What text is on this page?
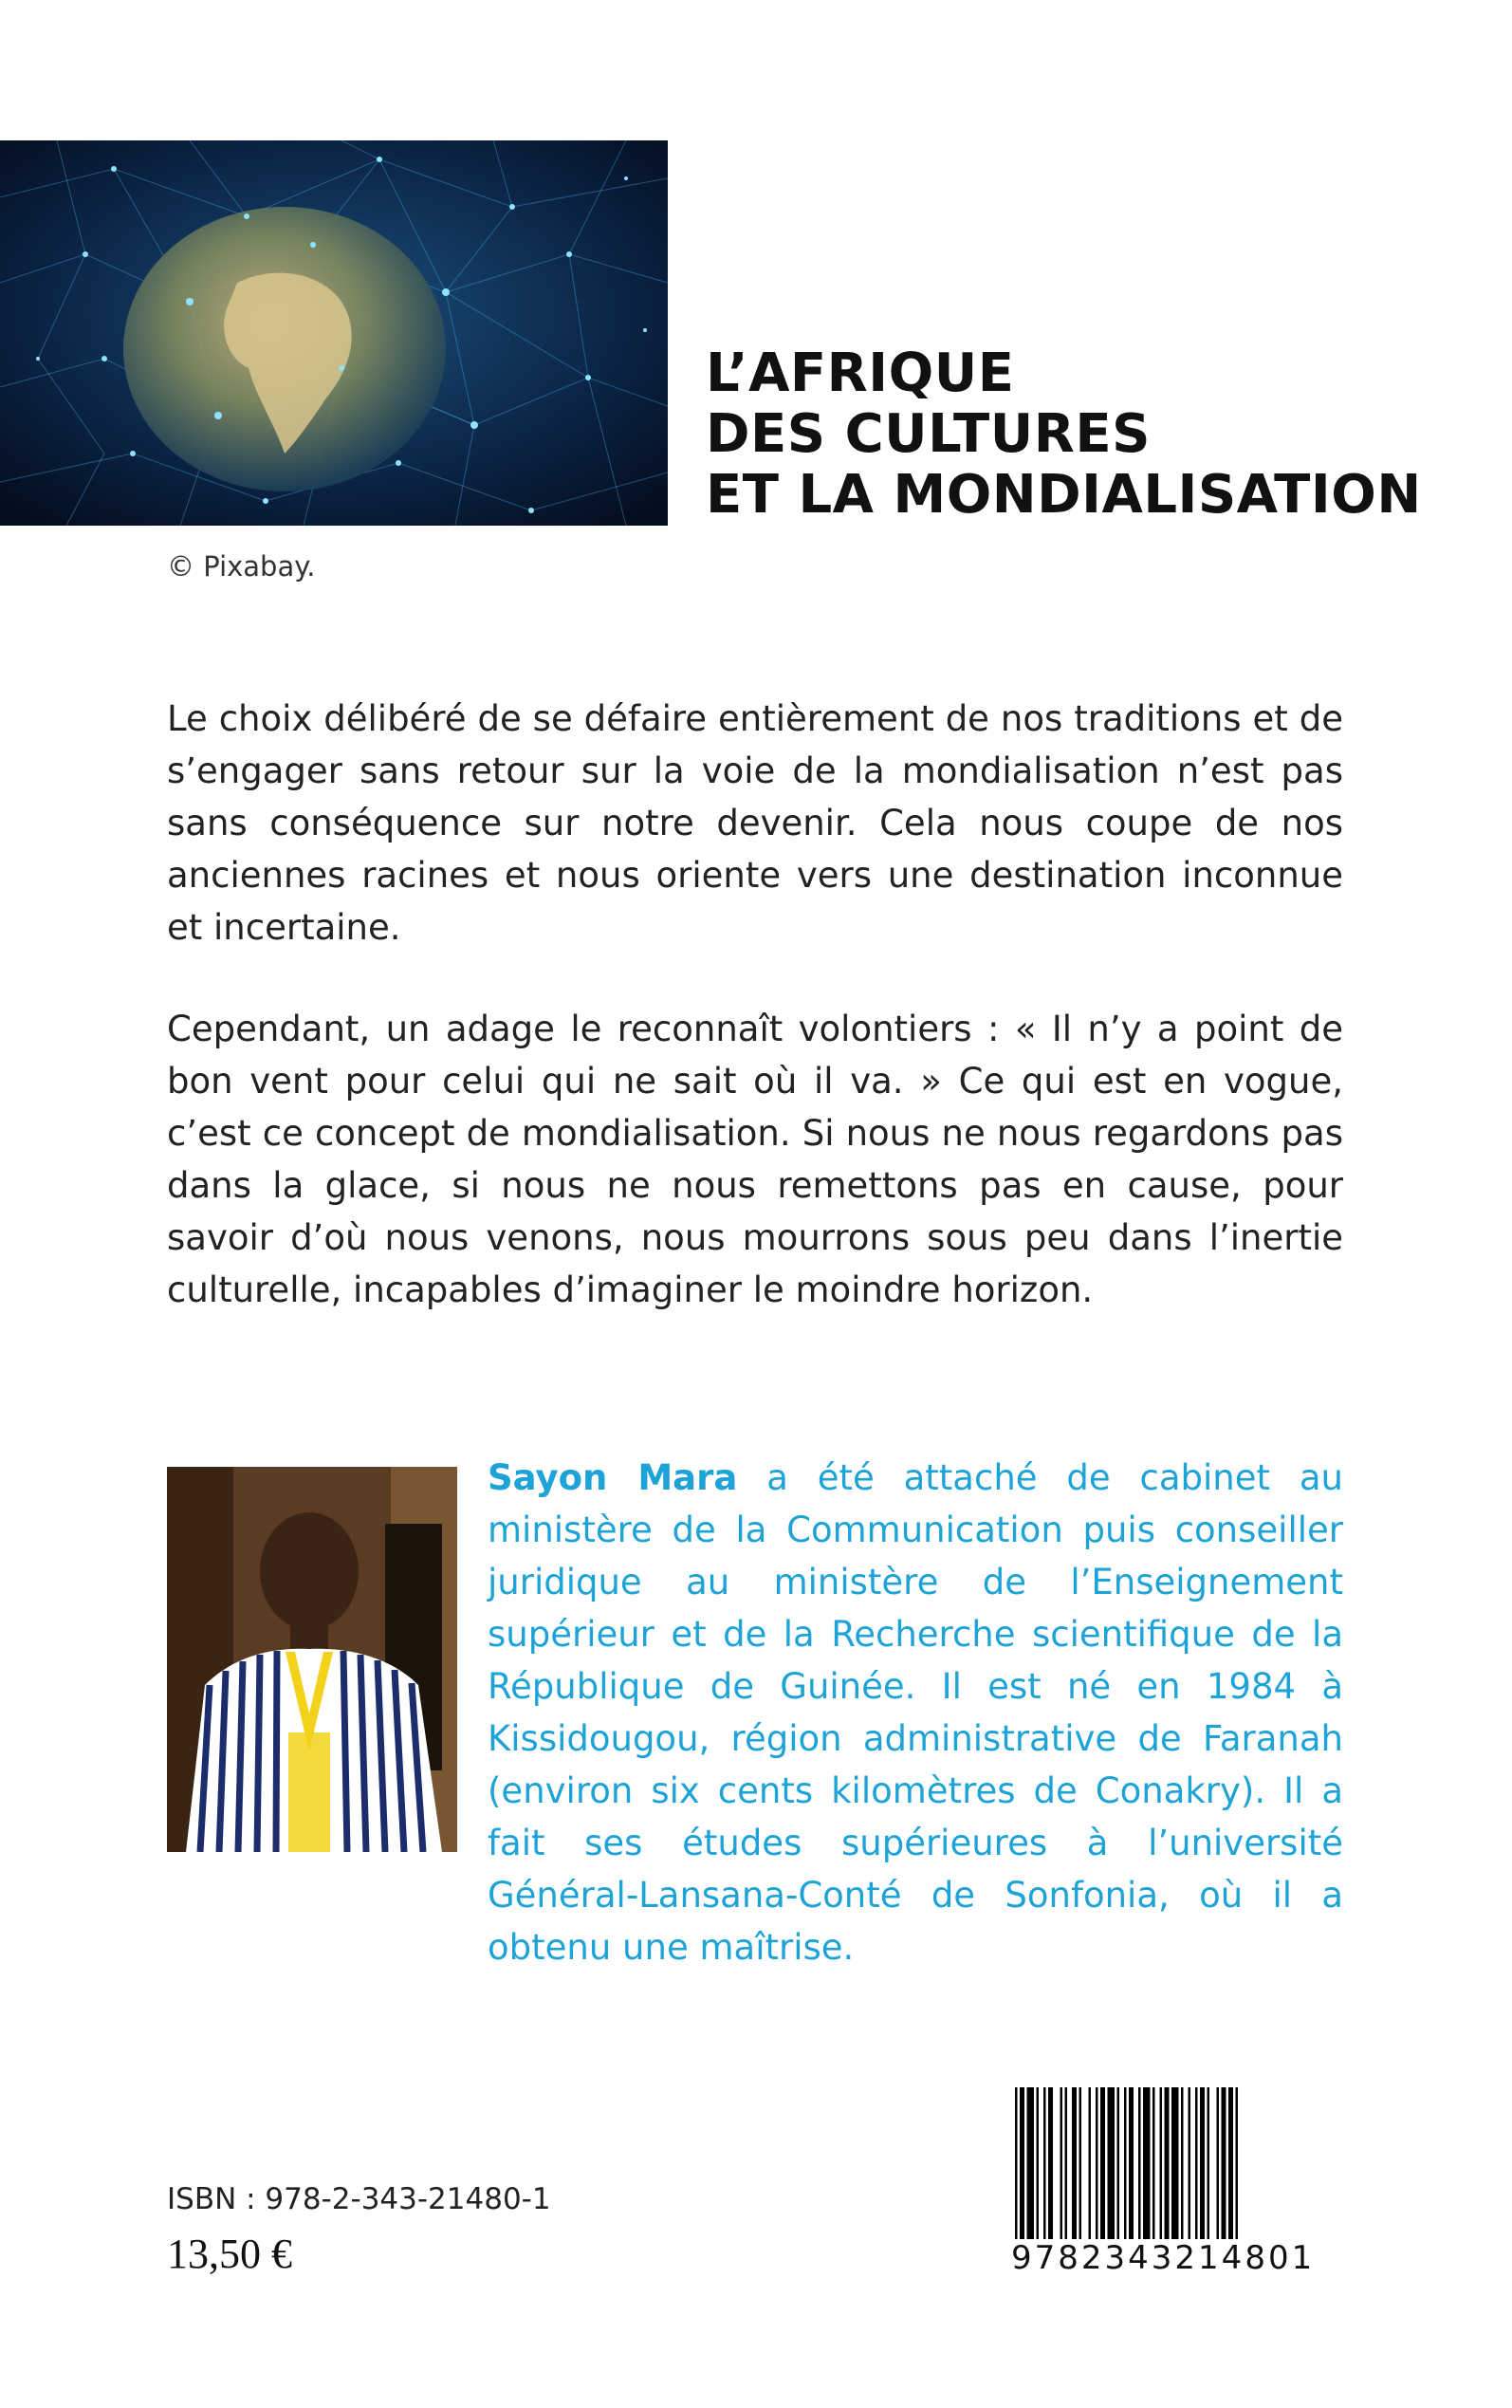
© Pixabay.
L’AFRIQUE
DES CULTURES
ET LA MONDIALISATION

Le choix délibéré de se défaire entièrement de nos traditions et de s’engager sans retour sur la voie de la mondialisation n’est pas sans conséquence sur notre devenir. Cela nous coupe de nos anciennes racines et nous oriente vers une destination inconnue et incertaine.

Cependant, un adage le reconnaît volontiers : « Il n’y a point de bon vent pour celui qui ne sait où il va. » Ce qui est en vogue, c’est ce concept de mondialisation. Si nous ne nous regardons pas dans la glace, si nous ne nous remettons pas en cause, pour savoir d’où nous venons, nous mourrons sous peu dans l’inertie culturelle, incapables d’imaginer le moindre horizon.

Sayon Mara a été attaché de cabinet au ministère de la Communication puis conseiller juridique au ministère de l’Enseignement supérieur et de la Recherche scientifique de la République de Guinée. Il est né en 1984 à Kissidougou, région administrative de Faranah (environ six cents kilomètres de Conakry). Il a fait ses études supérieures à l’université Général-Lansana-Conté de Sonfonia, où il a obtenu une maîtrise.
ISBN : 978-2-343-21480-1
13,50 €	9782343214801
